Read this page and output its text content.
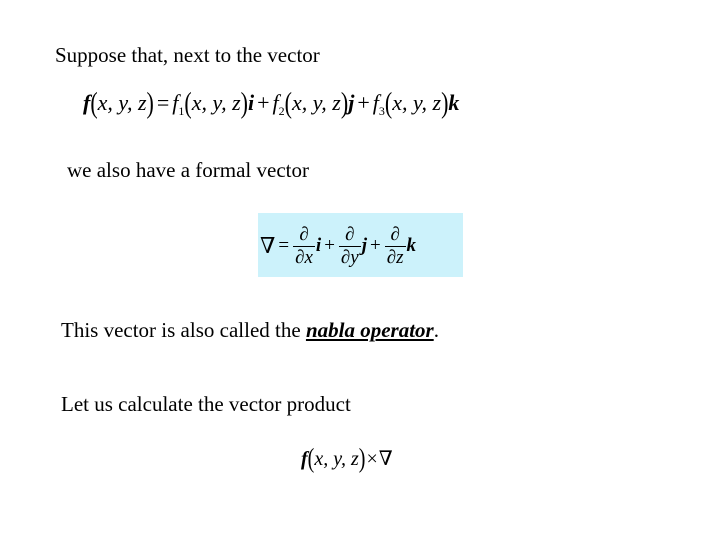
Suppose that, next to the vector
f(x, y, $z) = f_1(x$, y, $z)i + f_2(x$, y, $z)j + f_3(x$, y, z)k
we also have a formal vector
∇ = $\frac{\partial}{\partial x}$ $i + \frac{\partial}{\partial y}$ $j + \frac{\partial}{\partial z}$ k
This vector is also called the nabla operator.
Let us calculate the vector product
f(x, y, z)×∇
